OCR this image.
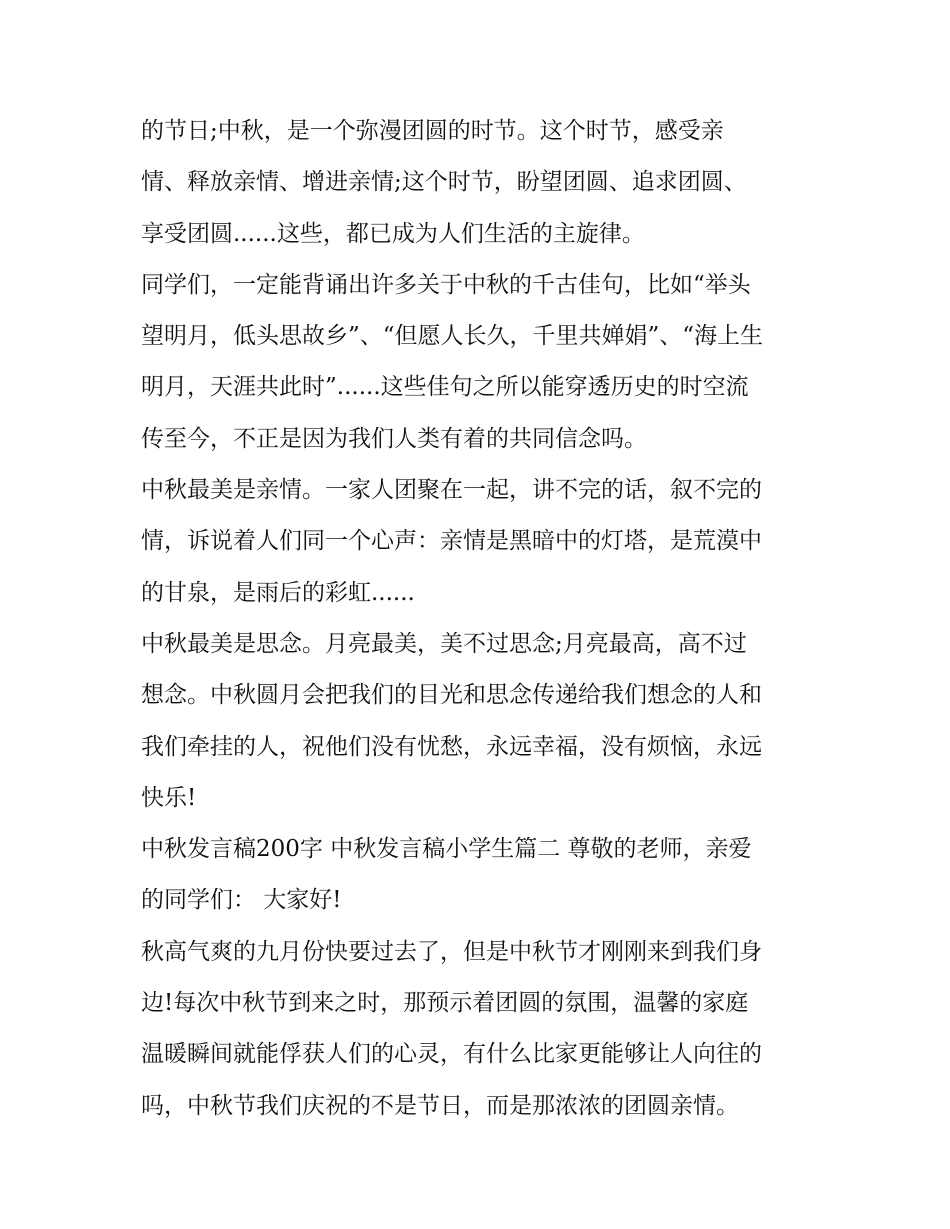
的节日;中秋，是一个弥漫团圆的时节。这个时节，感受亲
情、释放亲情、增进亲情;这个时节，盼望团圆、追求团圆、
享受团圆......这些，都已成为人们生活的主旋律。
同学们，一定能背诵出许多关于中秋的千古佳句，比如“举头
望明月，低头思故乡”、“但愿人长久，千里共婵娟”、“海上生
明月，天涯共此时”......这些佳句之所以能穿透历史的时空流
传至今，不正是因为我们人类有着的共同信念吗。
中秋最美是亲情。一家人团聚在一起，讲不完的话，叙不完的
情，诉说着人们同一个心声：亲情是黑暗中的灯塔，是荒漠中
的甘泉，是雨后的彩虹......
中秋最美是思念。月亮最美，美不过思念;月亮最高，高不过
想念。中秋圆月会把我们的目光和思念传递给我们想念的人和
我们牵挂的人，祝他们没有忧愁，永远幸福，没有烦恼，永远
快乐!
中秋发言稿200字 中秋发言稿小学生篇二 尊敬的老师，亲爱
的同学们： 大家好!
秋高气爽的九月份快要过去了，但是中秋节才刚刚来到我们身
边!每次中秋节到来之时，那预示着团圆的氛围，温馨的家庭
温暖瞬间就能俘获人们的心灵，有什么比家更能够让人向往的
吗，中秋节我们庆祝的不是节日，而是那浓浓的团圆亲情。
